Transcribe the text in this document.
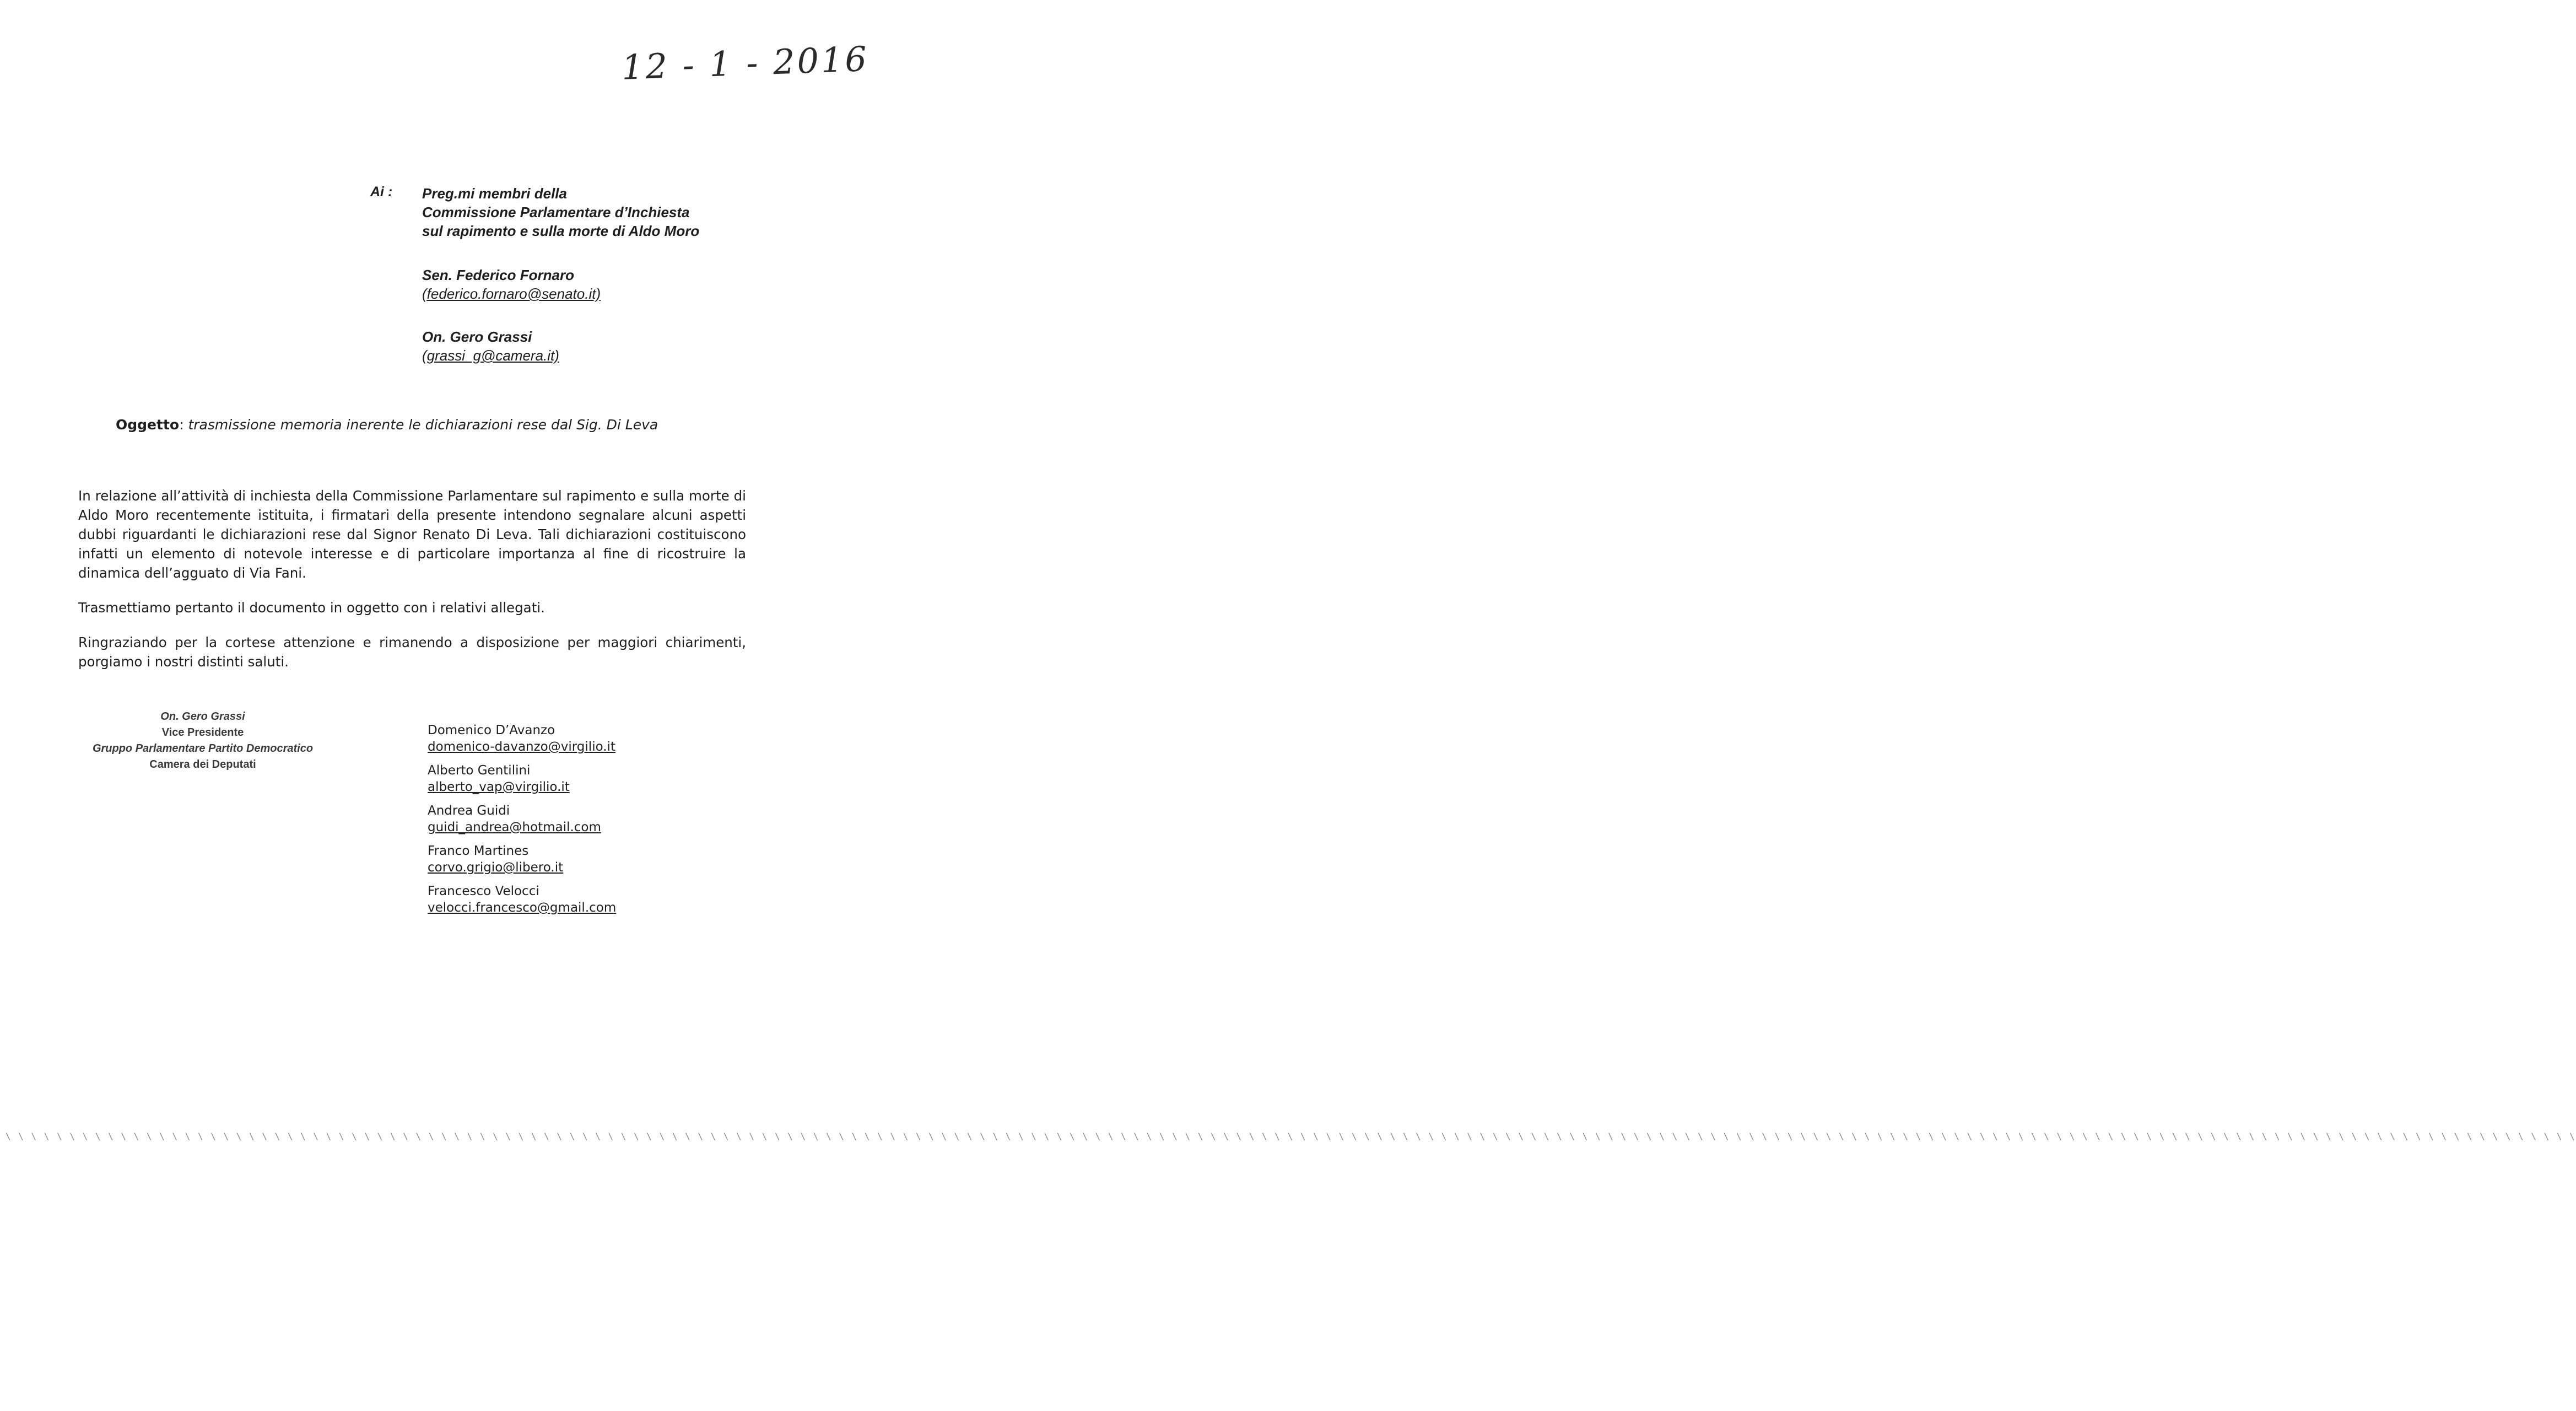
12 - 1 - 2016
Ai : Preg.mi membri della
Commissione Parlamentare d’Inchiesta
sul rapimento e sulla morte di Aldo Moro
Sen. Federico Fornaro
(federico.fornaro@senato.it)
On. Gero Grassi
(grassi_g@camera.it)
Oggetto: trasmissione memoria inerente le dichiarazioni rese dal Sig. Di Leva

In relazione all’attività di inchiesta della Commissione Parlamentare sul rapimento e sulla morte di Aldo Moro recentemente istituita, i firmatari della presente intendono segnalare alcuni aspetti dubbi riguardanti le dichiarazioni rese dal Signor Renato Di Leva. Tali dichiarazioni costituiscono infatti un elemento di notevole interesse e di particolare importanza al fine di ricostruire la dinamica dell’agguato di Via Fani.

Trasmettiamo pertanto il documento in oggetto con i relativi allegati.

Ringraziando per la cortese attenzione e rimanendo a disposizione per maggiori chiarimenti, porgiamo i nostri distinti saluti.

On. Gero Grassi
Vice Presidente
Gruppo Parlamentare Partito Democratico
Camera dei Deputati
Domenico D’Avanzo
domenico-davanzo@virgilio.it
Alberto Gentilini
alberto_vap@virgilio.it
Andrea Guidi
guidi_andrea@hotmail.com
Franco Martines
corvo.grigio@libero.it
Francesco Velocci
velocci.francesco@gmail.com
\ \ \ \ \ \ \ \ \ \ \ \ \ \ \ \ \ \ \ \ \ \ \ \ \ \ \ \ \ \ \ \ \ \ \ \ \ \ \ \ \ \ \ \ \ \ \ \ \ \ \ \ \ \ \ \ \ \ \ \ \ \ \ \ \ \ \ \ \ \ \ \ \ \ \ \ \ \ \ \ \ \ \ \ \ \ \ \ \ \ \ \ \ \ \ \ \ \ \ \ \ \ \ \ \ \ \ \ \ \ \ \ \ \ \ \ \ \ \ \ \ \ \ \ \ \ \ \ \ \ \ \ \ \ \ \ \ \ \ \ \ \ \ \ \ \ \ \ \ \ \ \ \ \ \ \ \ \ \ \ \ \ \ \ \ \ \ \ \ \ \ \ \ \ \ \ \ \ \ \ \ \ \ \ \ \ \ \ \ \ \ \ \ \ \ \ \ \ \ \ \
